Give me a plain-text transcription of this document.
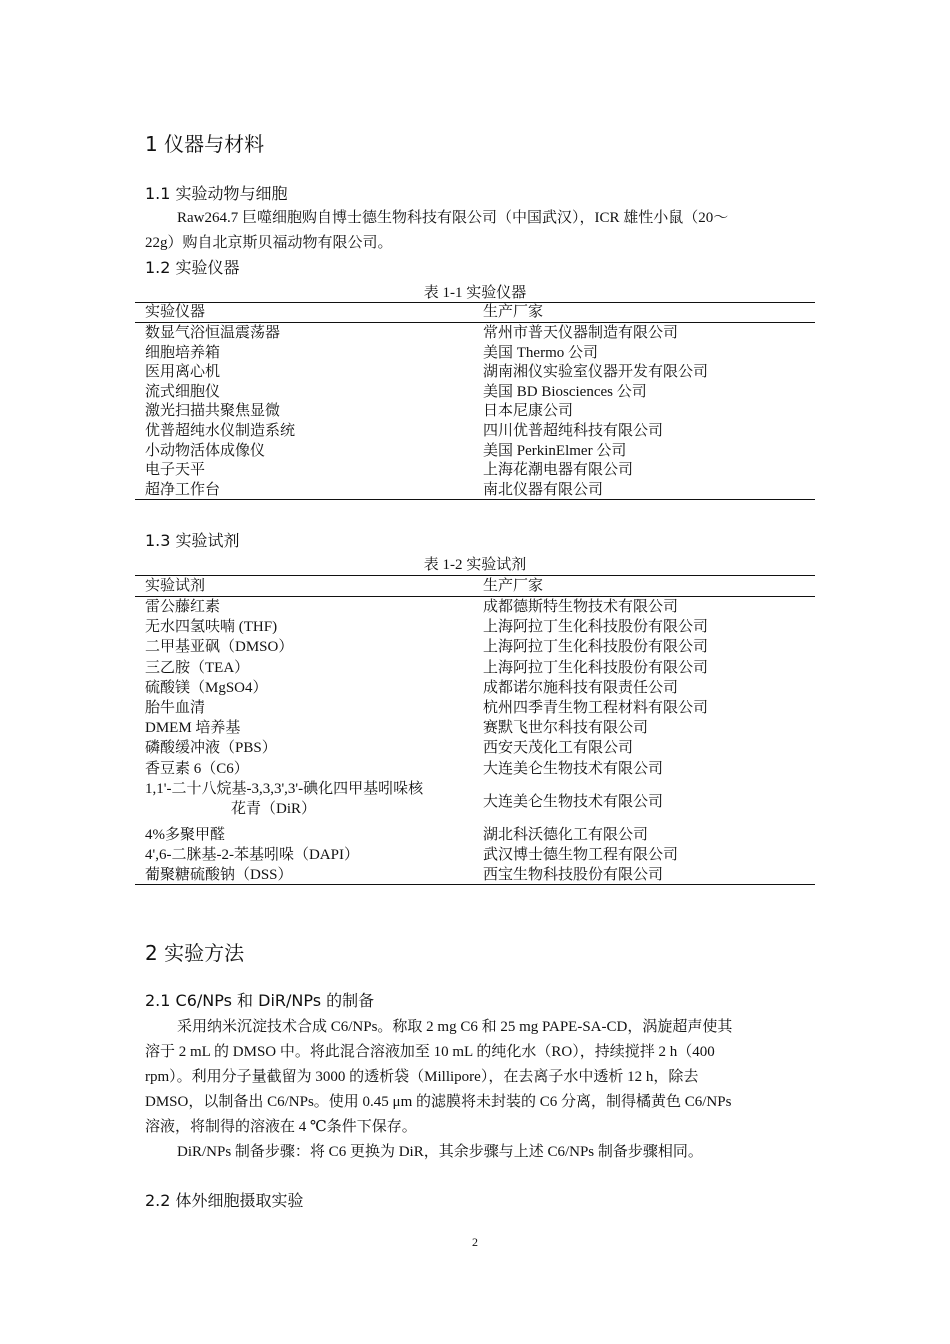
1 仪器与材料
1.1 实验动物与细胞
Raw264.7 巨噬细胞购自博士德生物科技有限公司（中国武汉），ICR 雄性小鼠（20～
22g）购自北京斯贝福动物有限公司。
1.2 实验仪器
表 1-1 实验仪器
实验仪器	生产厂家
数显气浴恒温震荡器	常州市普天仪器制造有限公司
细胞培养箱	美国 Thermo 公司
医用离心机	湖南湘仪实验室仪器开发有限公司
流式细胞仪	美国 BD Biosciences 公司
激光扫描共聚焦显微	日本尼康公司
优普超纯水仪制造系统	四川优普超纯科技有限公司
小动物活体成像仪	美国 PerkinElmer 公司
电子天平	上海花潮电器有限公司
超净工作台	南北仪器有限公司
1.3 实验试剂
表 1-2 实验试剂
实验试剂	生产厂家
雷公藤红素	成都德斯特生物技术有限公司
无水四氢呋喃 (THF)	上海阿拉丁生化科技股份有限公司
二甲基亚砜（DMSO）	上海阿拉丁生化科技股份有限公司
三乙胺（TEA）	上海阿拉丁生化科技股份有限公司
硫酸镁（MgSO4）	成都诺尔施科技有限责任公司
胎牛血清	杭州四季青生物工程材料有限公司
DMEM 培养基	赛默飞世尔科技有限公司
磷酸缓冲液（PBS）	西安天茂化工有限公司
香豆素 6（C6）	大连美仑生物技术有限公司
1,1'-二十八烷基-3,3,3',3'-碘化四甲基吲哚核
花青（DiR）	大连美仑生物技术有限公司
4%多聚甲醛	湖北科沃德化工有限公司
4',6-二脒基-2-苯基吲哚（DAPI）	武汉博士德生物工程有限公司
葡聚糖硫酸钠（DSS）	西宝生物科技股份有限公司
2 实验方法
2.1 C6/NPs 和 DiR/NPs 的制备
采用纳米沉淀技术合成 C6/NPs。称取 2 mg C6 和 25 mg PAPE-SA-CD，涡旋超声使其
溶于 2 mL 的 DMSO 中。将此混合溶液加至 10 mL 的纯化水（RO），持续搅拌 2 h（400
rpm）。利用分子量截留为 3000 的透析袋（Millipore），在去离子水中透析 12 h，除去
DMSO，以制备出 C6/NPs。使用 0.45 μm 的滤膜将未封装的 C6 分离，制得橘黄色 C6/NPs
溶液，将制得的溶液在 4 ℃条件下保存。
DiR/NPs 制备步骤：将 C6 更换为 DiR，其余步骤与上述 C6/NPs 制备步骤相同。
2.2 体外细胞摄取实验
2
